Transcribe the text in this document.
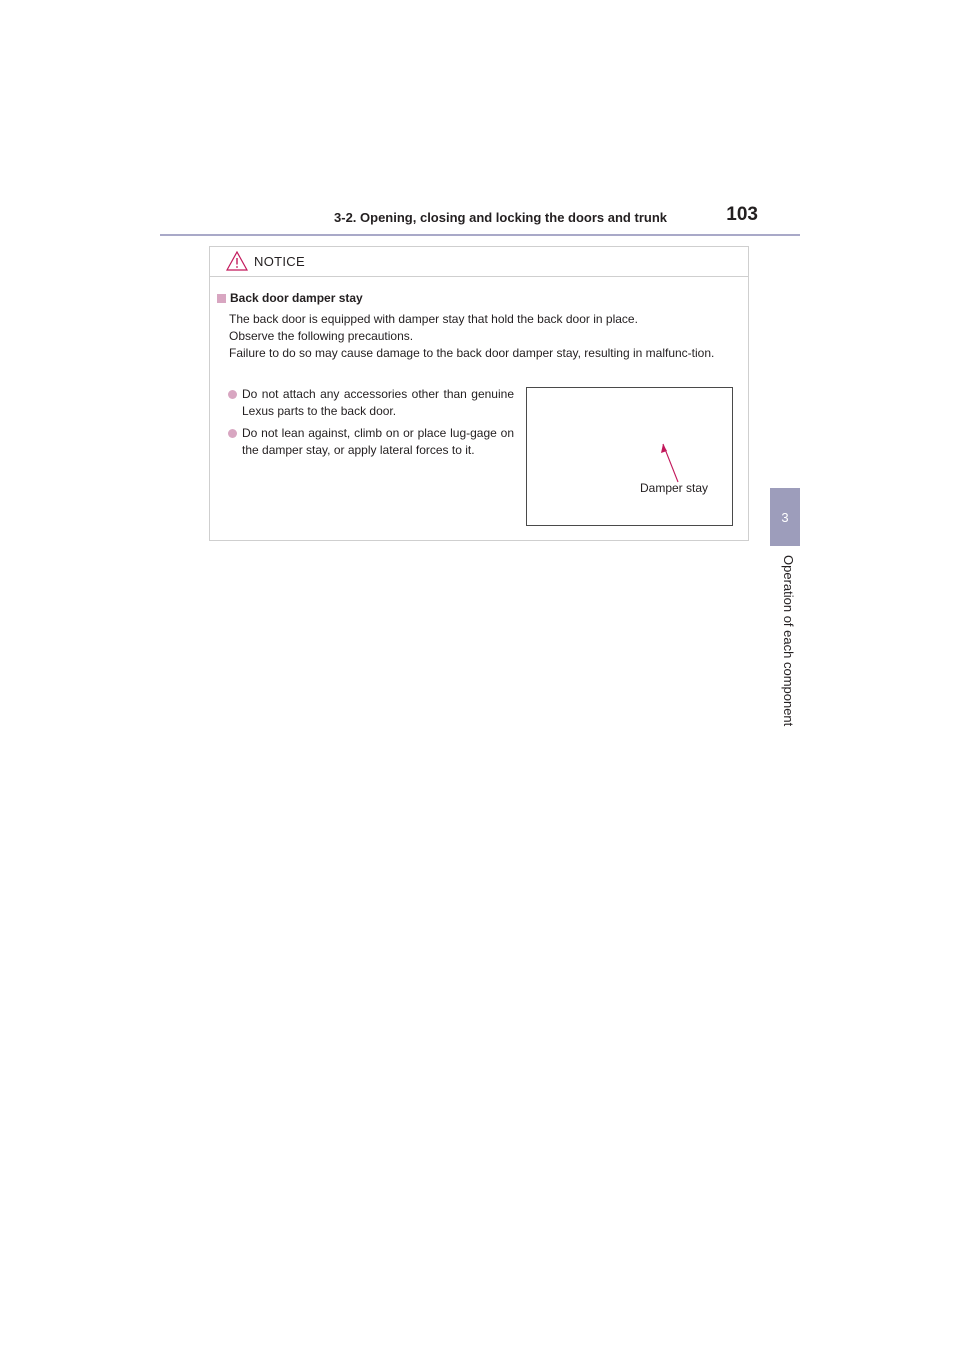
3-2. Opening, closing and locking the doors and trunk	103
3
Operation of each component
NOTICE
Back door damper stay

The back door is equipped with damper stay that hold the back door in place.

Observe the following precautions.

Failure to do so may cause damage to the back door damper stay, resulting in malfunc-tion.

Do not attach any accessories other than genuine Lexus parts to the back door.
Do not lean against, climb on or place lug-gage on the damper stay, or apply lateral forces to it.
Damper stay
